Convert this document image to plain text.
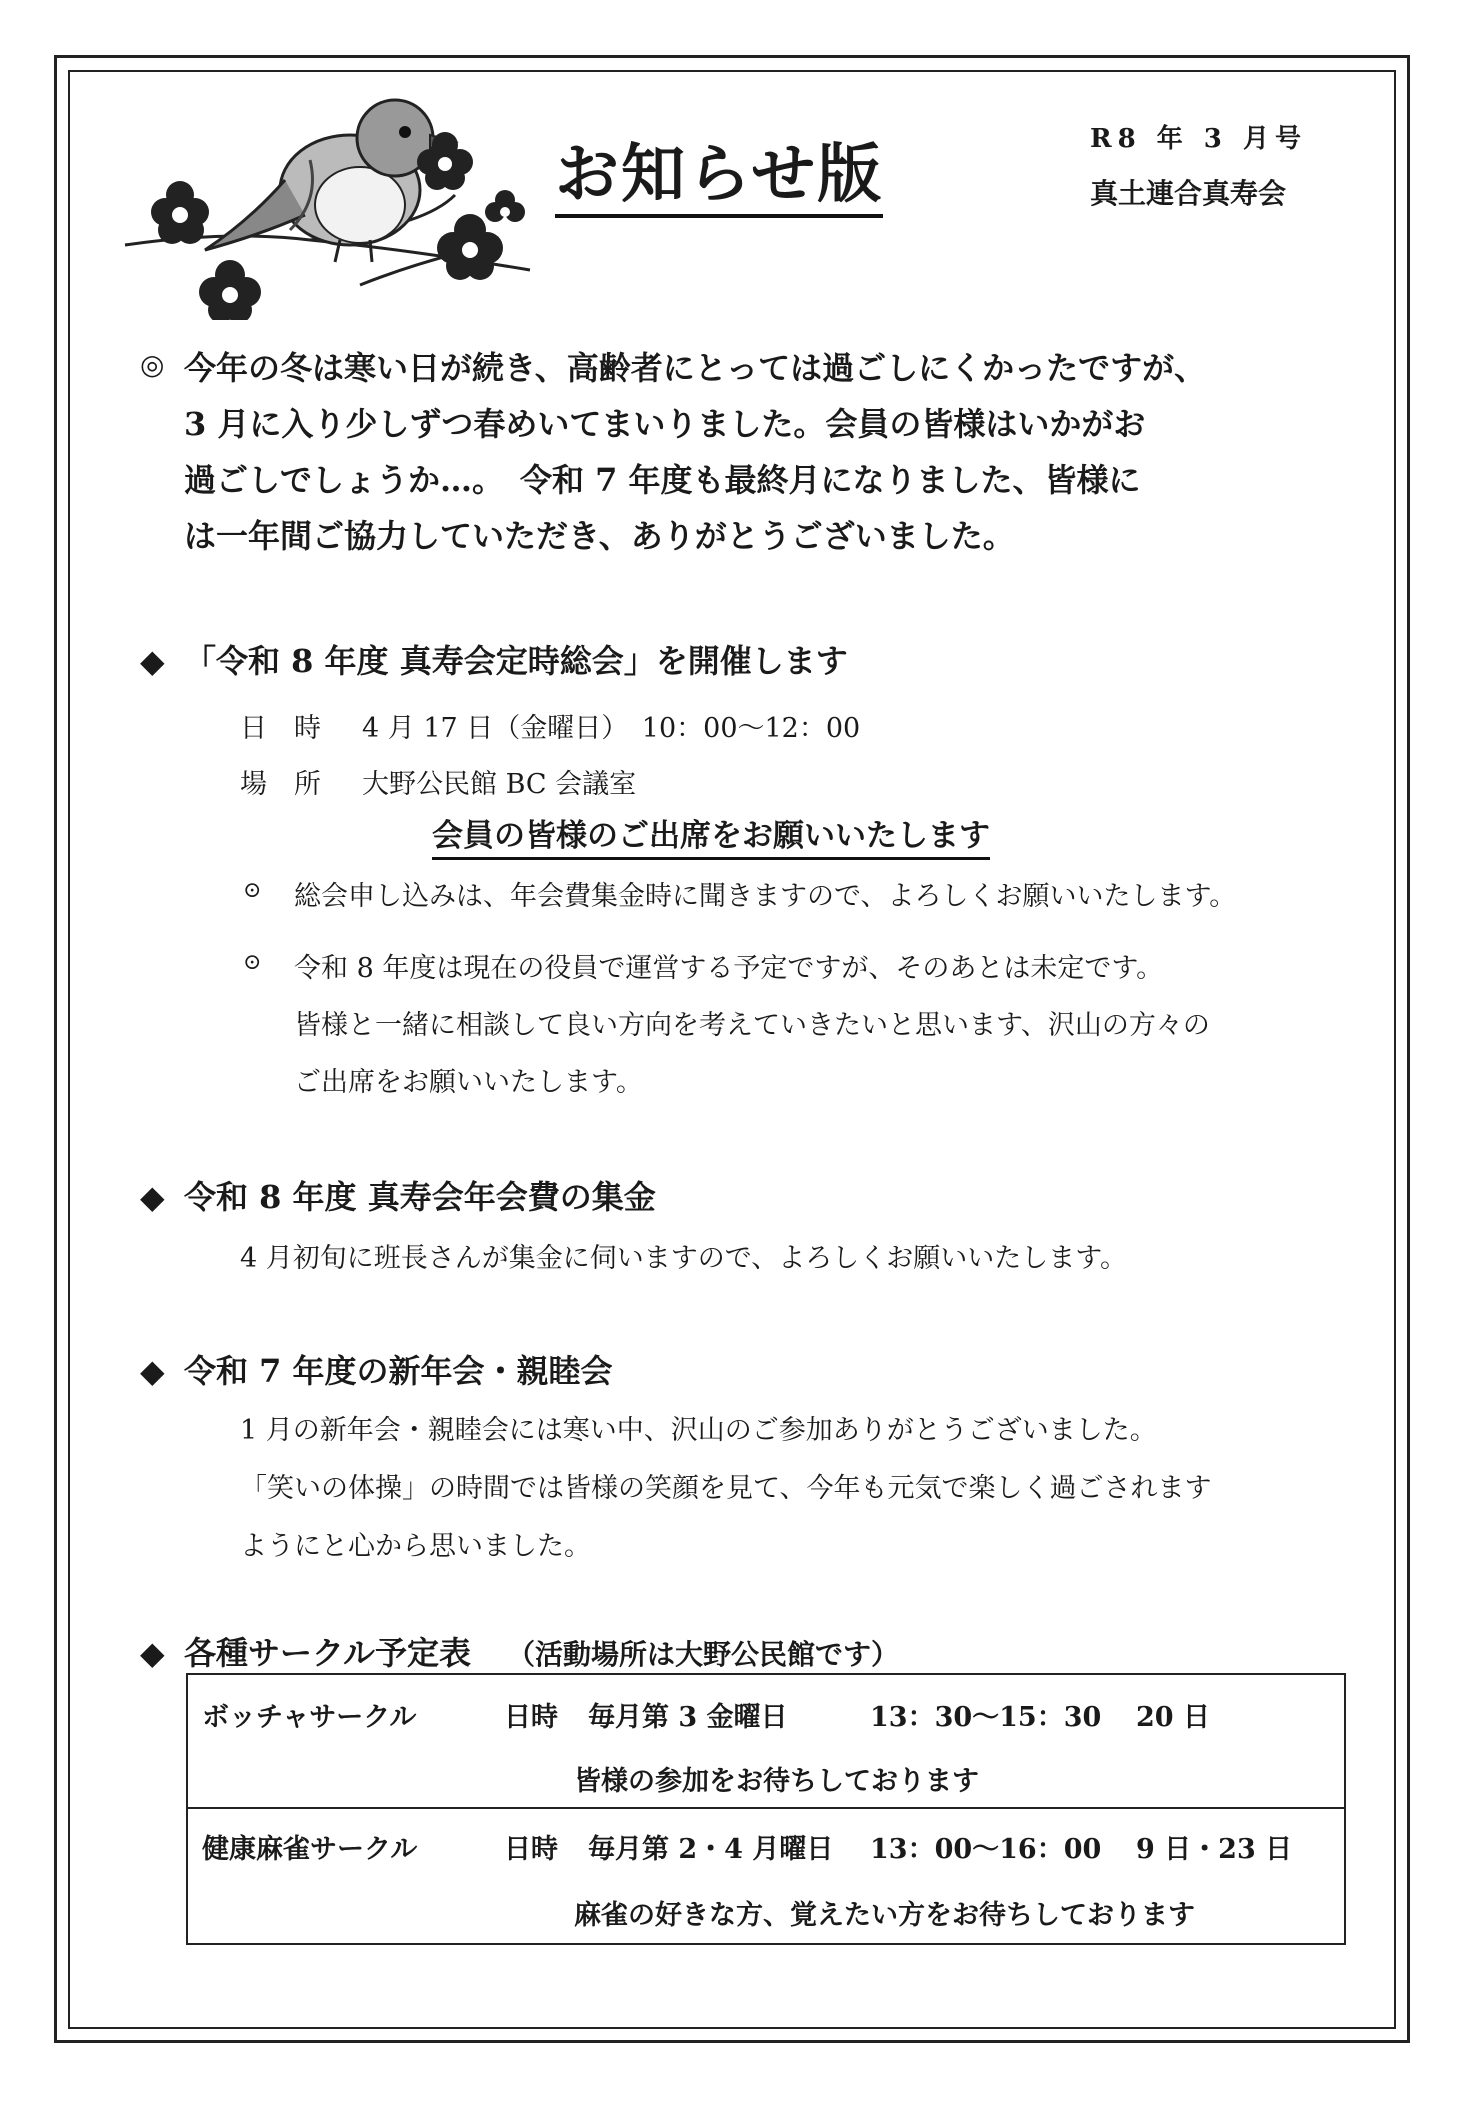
お知らせ版	R8 年 3 月号
真土連合真寿会
◎ 今年の冬は寒い日が続き、高齢者にとっては過ごしにくかったですが、
3 月に入り少しずつ春めいてまいりました。会員の皆様はいかがお
過ごしでしょうか…。　令和 7 年度も最終月になりました、皆様に
は一年間ご協力していただき、ありがとうございました。
◆ 「令和 8 年度 真寿会定時総会」を開催します
日　時 4 月 17 日（金曜日）　10：00～12：00
場　所 大野公民館 BC 会議室
会員の皆様のご出席をお願いいたします
⊙ 総会申し込みは、年会費集金時に聞きますので、よろしくお願いいたします。
⊙ 令和 8 年度は現在の役員で運営する予定ですが、そのあとは未定です。
皆様と一緒に相談して良い方向を考えていきたいと思います、沢山の方々の
ご出席をお願いいたします。
◆ 令和 8 年度 真寿会年会費の集金
4 月初旬に班長さんが集金に伺いますので、よろしくお願いいたします。
◆ 令和 7 年度の新年会・親睦会
1 月の新年会・親睦会には寒い中、沢山のご参加ありがとうございました。
「笑いの体操」の時間では皆様の笑顔を見て、今年も元気で楽しく過ごされます
ようにと心から思いました。
◆ 各種サークル予定表 （活動場所は大野公民館です）
ボッチャサークル	日時 毎月第 3 金曜日	13：30～15：30 20 日
皆様の参加をお待ちしております
健康麻雀サークル	日時 毎月第 2・4 月曜日 13：00～16：00 9 日・23 日
麻雀の好きな方、覚えたい方をお待ちしております
